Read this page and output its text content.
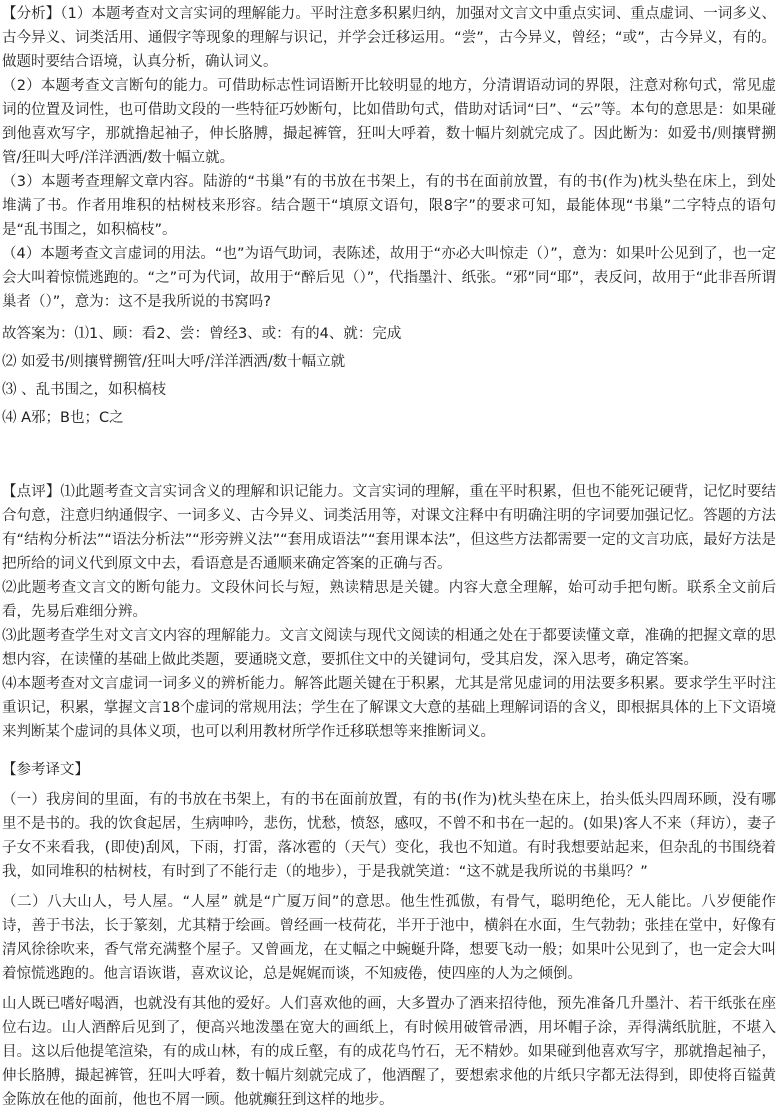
【分析】（1）本题考查对文言实词的理解能力。平时注意多积累归纳，加强对文言文中重点实词、重点虚词、一词多义、古今异义、词类活用、通假字等现象的理解与识记，并学会迁移运用。“尝”，古今异义，曾经；“或”，古今异义，有的。做题时要结合语境，认真分析，确认词义。

（2）本题考查文言断句的能力。可借助标志性词语断开比较明显的地方，分清谓语动词的界限，注意对称句式，常见虚词的位置及词性，也可借助文段的一些特征巧妙断句，比如借助句式，借助对话词“曰”、“云”等。本句的意思是：如果碰到他喜欢写字，那就撸起袖子，伸长胳膊，撮起裤管，狂叫大呼着，数十幅片刻就完成了。因此断为：如爱书/则攘臂搠管/狂叫大呼/洋洋洒洒/数十幅立就。

（3）本题考查理解文章内容。陆游的“书巢”有的书放在书架上，有的书在面前放置，有的书(作为)枕头垫在床上，到处堆满了书。作者用堆积的枯树枝来形容。结合题干“填原文语句，限8字”的要求可知，最能体现“书巢”二字特点的语句是“乱书围之，如积槁枝”。

（4）本题考查文言虚词的用法。“也”为语气助词，表陈述，故用于“亦必大叫惊走（）”，意为：如果叶公见到了，也一定会大叫着惊慌逃跑的。“之”可为代词，故用于“醉后见（）”，代指墨汁、纸张。“邪”同“耶”，表反问，故用于“此非吾所谓巢者（）”，意为：这不是我所说的书窝吗?

故答案为：⑴1、顾：看2、尝：曾经3、或：有的4、就：完成

⑵ 如爱书/则攘臂搠管/狂叫大呼/洋洋洒洒/数十幅立就

⑶ 、乱书围之，如积槁枝

⑷ A邪；B也；C之

【点评】⑴此题考查文言实词含义的理解和识记能力。文言实词的理解，重在平时积累，但也不能死记硬背，记忆时要结合句意，注意归纳通假字、一词多义、古今异义、词类活用等，对课文注释中有明确注明的字词要加强记忆。答题的方法有“结构分析法”“语法分析法”“形旁辨义法”“套用成语法”“套用课本法”，但这些方法都需要一定的文言功底，最好方法是把所给的词义代到原文中去，看语意是否通顺来确定答案的正确与否。

⑵此题考查文言文的断句能力。文段休问长与短，熟读精思是关键。内容大意全理解，始可动手把句断。联系全文前后看，先易后难细分辨。

⑶此题考查学生对文言文内容的理解能力。文言文阅读与现代文阅读的相通之处在于都要读懂文章，准确的把握文章的思想内容，在读懂的基础上做此类题，要通晓文意，要抓住文中的关键词句，受其启发，深入思考，确定答案。

⑷本题考查对文言虚词一词多义的辨析能力。解答此题关键在于积累，尤其是常见虚词的用法要多积累。要求学生平时注重识记，积累，掌握文言18个虚词的常规用法；学生在了解课文大意的基础上理解词语的含义，即根据具体的上下文语境来判断某个虚词的具体义项，也可以利用教材所学作迁移联想等来推断词义。

【参考译文】

（一）我房间的里面，有的书放在书架上，有的书在面前放置，有的书(作为)枕头垫在床上，抬头低头四周环顾，没有哪里不是书的。我的饮食起居，生病呻吟，悲伤，忧愁，愤怒，感叹，不曾不和书在一起的。(如果)客人不来（拜访），妻子子女不来看我，(即使)刮风，下雨，打雷，落冰雹的（天气）变化，我也不知道。有时我想要站起来，但杂乱的书围绕着我，如同堆积的枯树枝，有时到了不能行走（的地步），于是我就笑道：“这不就是我所说的书巢吗？”

（二）八大山人，号人屋。“人屋” 就是“广厦万间”的意思。他生性孤傲，有骨气，聪明绝伦，无人能比。八岁便能作诗，善于书法，长于篆刻，尤其精于绘画。曾经画一枝荷花，半开于池中，横斜在水面，生气勃勃；张挂在堂中，好像有清风徐徐吹来，香气常充满整个屋子。又曾画龙，在丈幅之中蜿蜒升降，想要飞动一般；如果叶公见到了，也一定会大叫着惊慌逃跑的。他言语诙谐，喜欢议论，总是娓娓而谈，不知疲倦，使四座的人为之倾倒。

山人既已嗜好喝酒，也就没有其他的爱好。人们喜欢他的画，大多置办了酒来招待他，预先准备几升墨汁、若干纸张在座位右边。山人酒醉后见到了，便高兴地泼墨在宽大的画纸上，有时候用破管帚洒，用坏帽子涂，弄得满纸肮脏，不堪入目。这以后他提笔渲染，有的成山林，有的成丘壑，有的成花鸟竹石，无不精妙。如果碰到他喜欢写字，那就撸起袖子，伸长胳膊，撮起裤管，狂叫大呼着，数十幅片刻就完成了，他酒醒了，要想索求他的片纸只字都无法得到，即使将百镒黄金陈放在他的面前，他也不屑一顾。他就癫狂到这样的地步。
